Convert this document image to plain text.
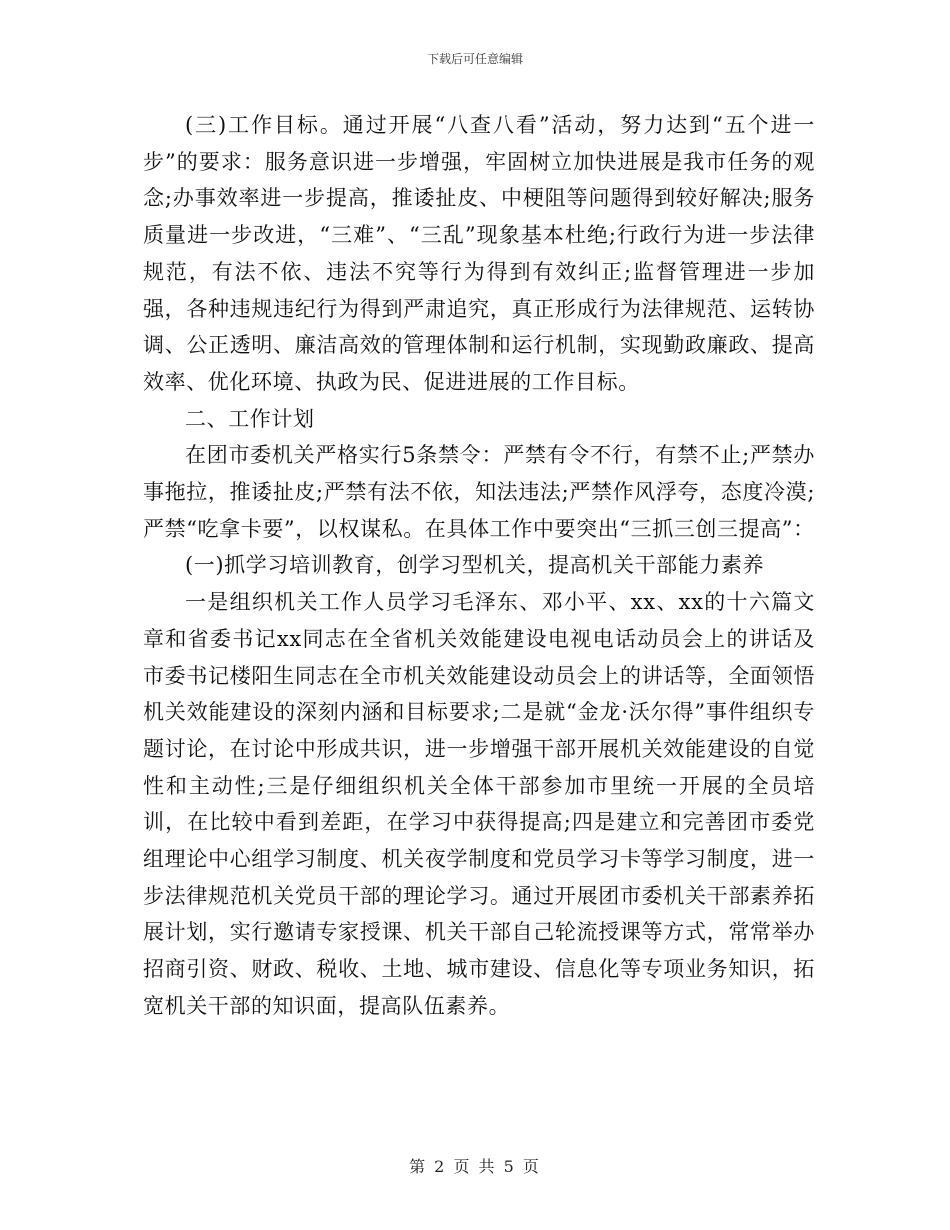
下载后可任意编辑

(三)工作目标。通过开展“八查八看”活动，努力达到“五个进一步”的要求：服务意识进一步增强，牢固树立加快进展是我市任务的观念;办事效率进一步提高，推诿扯皮、中梗阻等问题得到较好解决;服务质量进一步改进，“三难”、“三乱”现象基本杜绝;行政行为进一步法律规范，有法不依、违法不究等行为得到有效纠正;监督管理进一步加强，各种违规违纪行为得到严肃追究，真正形成行为法律规范、运转协调、公正透明、廉洁高效的管理体制和运行机制，实现勤政廉政、提高效率、优化环境、执政为民、促进进展的工作目标。

二、工作计划

在团市委机关严格实行5条禁令：严禁有令不行，有禁不止;严禁办事拖拉，推诿扯皮;严禁有法不依，知法违法;严禁作风浮夸，态度冷漠;严禁“吃拿卡要”，以权谋私。在具体工作中要突出“三抓三创三提高”：

(一)抓学习培训教育，创学习型机关，提高机关干部能力素养

一是组织机关工作人员学习毛泽东、邓小平、xx、xx的十六篇文章和省委书记xx同志在全省机关效能建设电视电话动员会上的讲话及市委书记楼阳生同志在全市机关效能建设动员会上的讲话等，全面领悟机关效能建设的深刻内涵和目标要求;二是就“金龙·沃尔得”事件组织专题讨论，在讨论中形成共识，进一步增强干部开展机关效能建设的自觉性和主动性;三是仔细组织机关全体干部参加市里统一开展的全员培训，在比较中看到差距，在学习中获得提高;四是建立和完善团市委党组理论中心组学习制度、机关夜学制度和党员学习卡等学习制度，进一步法律规范机关党员干部的理论学习。通过开展团市委机关干部素养拓展计划，实行邀请专家授课、机关干部自己轮流授课等方式，常常举办招商引资、财政、税收、土地、城市建设、信息化等专项业务知识，拓宽机关干部的知识面，提高队伍素养。

第 2 页 共 5 页
